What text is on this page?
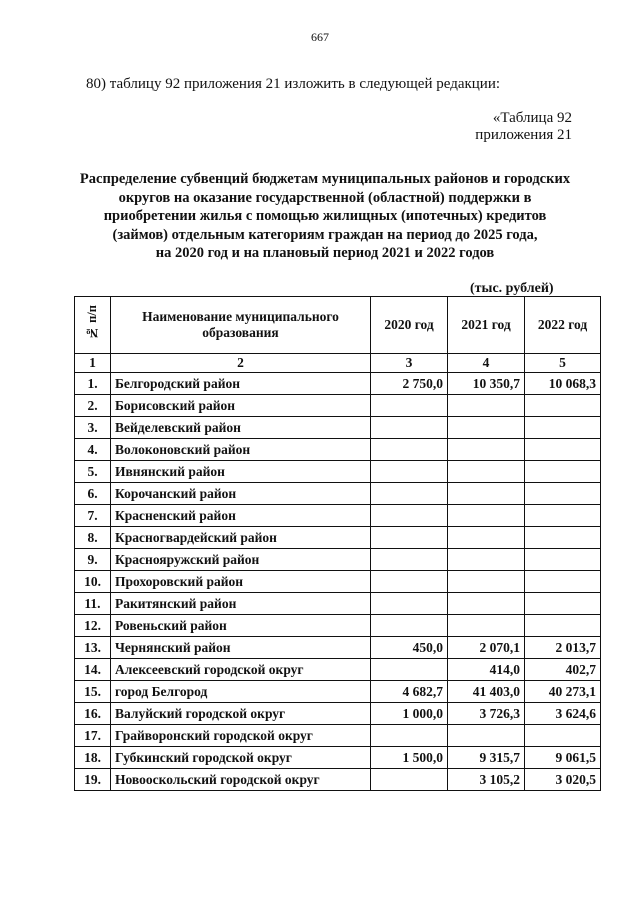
667
80) таблицу 92 приложения 21 изложить в следующей редакции:
«Таблица 92
приложения 21
Распределение субвенций бюджетам муниципальных районов и городских
округов на оказание государственной (областной) поддержки в
приобретении жилья с помощью жилищных (ипотечных) кредитов
(займов) отдельным категориям граждан на период до 2025 года,
на 2020 год и на плановый период 2021 и 2022 годов
(тыс. рублей)
№ п/п	Наименование муниципального образования	2020 год	2021 год	2022 год
1	2	3	4	5
1.	Белгородский район	2 750,0	10 350,7	10 068,3
2.	Борисовский район			
3.	Вейделевский район			
4.	Волоконовский район			
5.	Ивнянский район			
6.	Корочанский район			
7.	Красненский район			
8.	Красногвардейский район			
9.	Краснояружский район			
10.	Прохоровский район			
11.	Ракитянский район			
12.	Ровеньский район			
13.	Чернянский район	450,0	2 070,1	2 013,7
14.	Алексеевский городской округ		414,0	402,7
15.	город Белгород	4 682,7	41 403,0	40 273,1
16.	Валуйский городской округ	1 000,0	3 726,3	3 624,6
17.	Грайворонский городской округ			
18.	Губкинский городской округ	1 500,0	9 315,7	9 061,5
19.	Новооскольский городской округ		3 105,2	3 020,5
